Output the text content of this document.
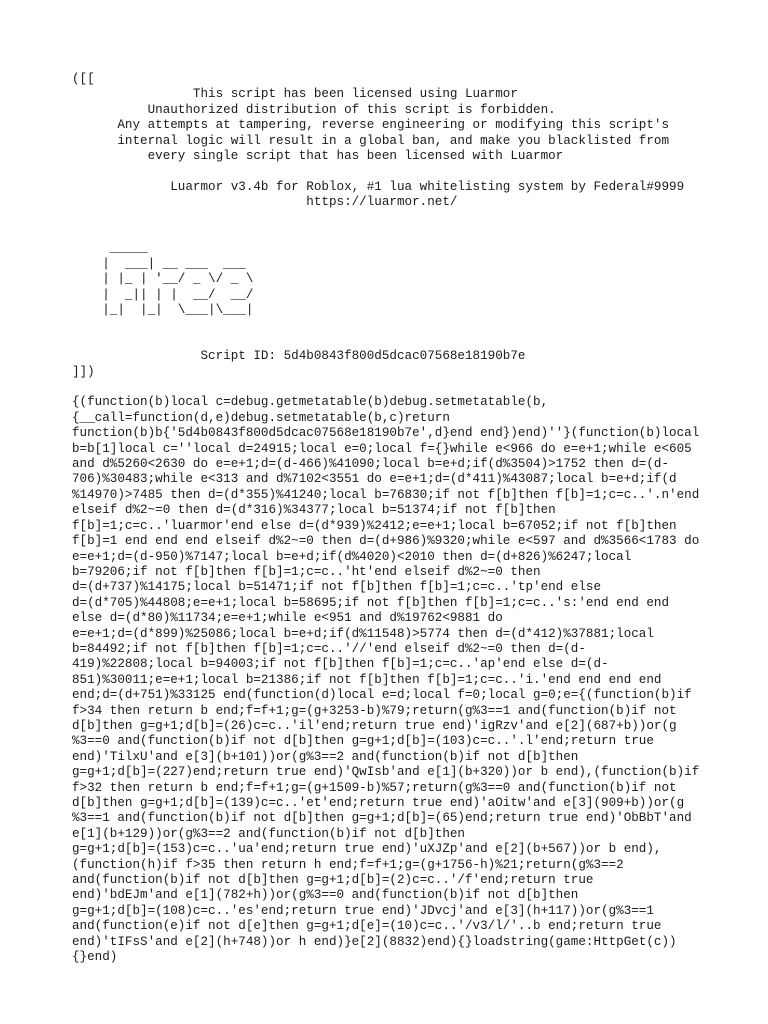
([[
This script has been licensed using Luarmor
Unauthorized distribution of this script is forbidden.
Any attempts at tampering, reverse engineering or modifying this script's
internal logic will result in a global ban, and make you blacklisted from
every single script that has been licensed with Luarmor
Luarmor v3.4b for Roblox, #1 lua whitelisting system by Federal#9999
https://luarmor.net/
_____
|  ___| __ ___  ___
| |_ | '__/ _ \/ _ \
|  _|| | |  __/  __/
|_|  |_|  \___|\___|
Script ID: 5d4b0843f800d5dcac07568e18190b7e
]])
{(function(b)local c=debug.getmetatable(b)debug.setmetatable(b,
{__call=function(d,e)debug.setmetatable(b,c)return
function(b)b{'5d4b0843f800d5dcac07568e18190b7e',d}end end})end)''}(function(b)local
b=b[1]local c=''local d=24915;local e=0;local f={}while e<966 do e=e+1;while e<605
and d%5260<2630 do e=e+1;d=(d-466)%41090;local b=e+d;if(d%3504)>1752 then d=(d-
706)%30483;while e<313 and d%7102<3551 do e=e+1;d=(d*411)%43087;local b=e+d;if(d
%14970)>7485 then d=(d*355)%41240;local b=76830;if not f[b]then f[b]=1;c=c..'.n'end
elseif d%2~=0 then d=(d*316)%34377;local b=51374;if not f[b]then
f[b]=1;c=c..'luarmor'end else d=(d*939)%2412;e=e+1;local b=67052;if not f[b]then
f[b]=1 end end end elseif d%2~=0 then d=(d+986)%9320;while e<597 and d%3566<1783 do
e=e+1;d=(d-950)%7147;local b=e+d;if(d%4020)<2010 then d=(d+826)%6247;local
b=79206;if not f[b]then f[b]=1;c=c..'ht'end elseif d%2~=0 then
d=(d+737)%14175;local b=51471;if not f[b]then f[b]=1;c=c..'tp'end else
d=(d*705)%44808;e=e+1;local b=58695;if not f[b]then f[b]=1;c=c..'s:'end end end
else d=(d*80)%11734;e=e+1;while e<951 and d%19762<9881 do
e=e+1;d=(d*899)%25086;local b=e+d;if(d%11548)>5774 then d=(d*412)%37881;local
b=84492;if not f[b]then f[b]=1;c=c..'//'end elseif d%2~=0 then d=(d-
419)%22808;local b=94003;if not f[b]then f[b]=1;c=c..'ap'end else d=(d-
851)%30011;e=e+1;local b=21386;if not f[b]then f[b]=1;c=c..'i.'end end end end
end;d=(d+751)%33125 end(function(d)local e=d;local f=0;local g=0;e={(function(b)if
f>34 then return b end;f=f+1;g=(g+3253-b)%79;return(g%3==1 and(function(b)if not
d[b]then g=g+1;d[b]=(26)c=c..'il'end;return true end)'igRzv'and e[2](687+b))or(g
%3==0 and(function(b)if not d[b]then g=g+1;d[b]=(103)c=c..'.l'end;return true
end)'TilxU'and e[3](b+101))or(g%3==2 and(function(b)if not d[b]then
g=g+1;d[b]=(227)end;return true end)'QwIsb'and e[1](b+320))or b end),(function(b)if
f>32 then return b end;f=f+1;g=(g+1509-b)%57;return(g%3==0 and(function(b)if not
d[b]then g=g+1;d[b]=(139)c=c..'et'end;return true end)'aOitw'and e[3](909+b))or(g
%3==1 and(function(b)if not d[b]then g=g+1;d[b]=(65)end;return true end)'ObBbT'and
e[1](b+129))or(g%3==2 and(function(b)if not d[b]then
g=g+1;d[b]=(153)c=c..'ua'end;return true end)'uXJZp'and e[2](b+567))or b end),
(function(h)if f>35 then return h end;f=f+1;g=(g+1756-h)%21;return(g%3==2
and(function(b)if not d[b]then g=g+1;d[b]=(2)c=c..'/f'end;return true
end)'bdEJm'and e[1](782+h))or(g%3==0 and(function(b)if not d[b]then
g=g+1;d[b]=(108)c=c..'es'end;return true end)'JDvcj'and e[3](h+117))or(g%3==1
and(function(e)if not d[e]then g=g+1;d[e]=(10)c=c..'/v3/l/'..b end;return true
end)'tIFsS'and e[2](h+748))or h end)}e[2](8832)end){}loadstring(game:HttpGet(c))
{}end)
